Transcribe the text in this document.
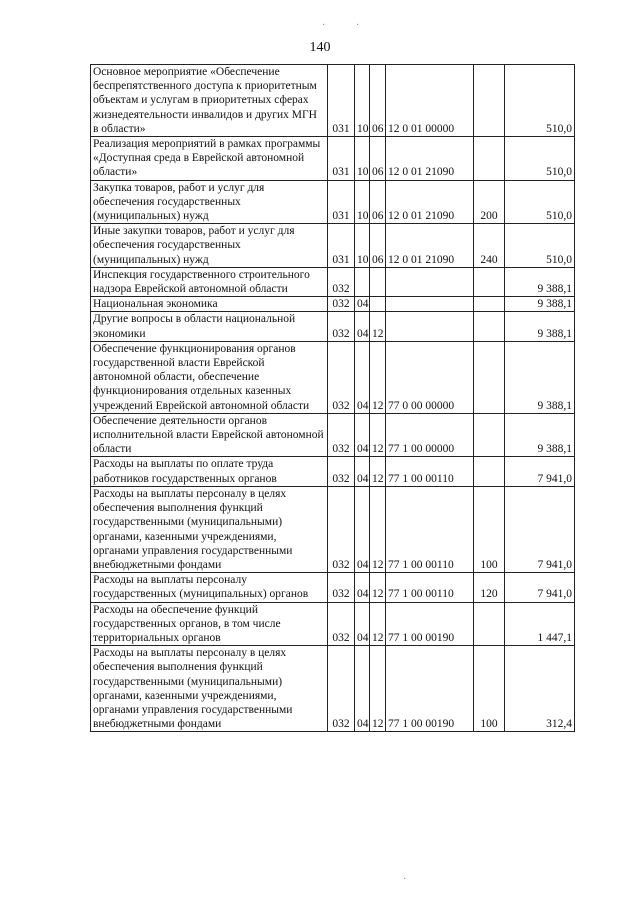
140
·	·
·
Основное мероприятие «Обеспечение беспрепятственного доступа к приоритетным объектам и услугам в приоритетных сферах жизнедеятельности инвалидов и других МГН в области»	031	10	06	12 0 01 00000		510,0
Реализация мероприятий в рамках программы «Доступная среда в Еврейской автономной области»	031	10	06	12 0 01 21090		510,0
Закупка товаров, работ и услуг для обеспечения государственных (муниципальных) нужд	031	10	06	12 0 01 21090	200	510,0
Иные закупки товаров, работ и услуг для обеспечения государственных (муниципальных) нужд	031	10	06	12 0 01 21090	240	510,0
Инспекция государственного строительного надзора Еврейской автономной области	032					9 388,1
Национальная экономика	032	04				9 388,1
Другие вопросы в области национальной экономики	032	04	12			9 388,1
Обеспечение функционирования органов государственной власти Еврейской автономной области, обеспечение функционирования отдельных казенных учреждений Еврейской автономной области	032	04	12	77 0 00 00000		9 388,1
Обеспечение деятельности органов исполнительной власти Еврейской автономной области	032	04	12	77 1 00 00000		9 388,1
Расходы на выплаты по оплате труда работников государственных органов	032	04	12	77 1 00 00110		7 941,0
Расходы на выплаты персоналу в целях обеспечения выполнения функций государственными (муниципальными) органами, казенными учреждениями, органами управления государственными внебюджетными фондами	032	04	12	77 1 00 00110	100	7 941,0
Расходы на выплаты персоналу государственных (муниципальных) органов	032	04	12	77 1 00 00110	120	7 941,0
Расходы на обеспечение функций государственных органов, в том числе территориальных органов	032	04	12	77 1 00 00190		1 447,1
Расходы на выплаты персоналу в целях обеспечения выполнения функций государственными (муниципальными) органами, казенными учреждениями, органами управления государственными внебюджетными фондами	032	04	12	77 1 00 00190	100	312,4
